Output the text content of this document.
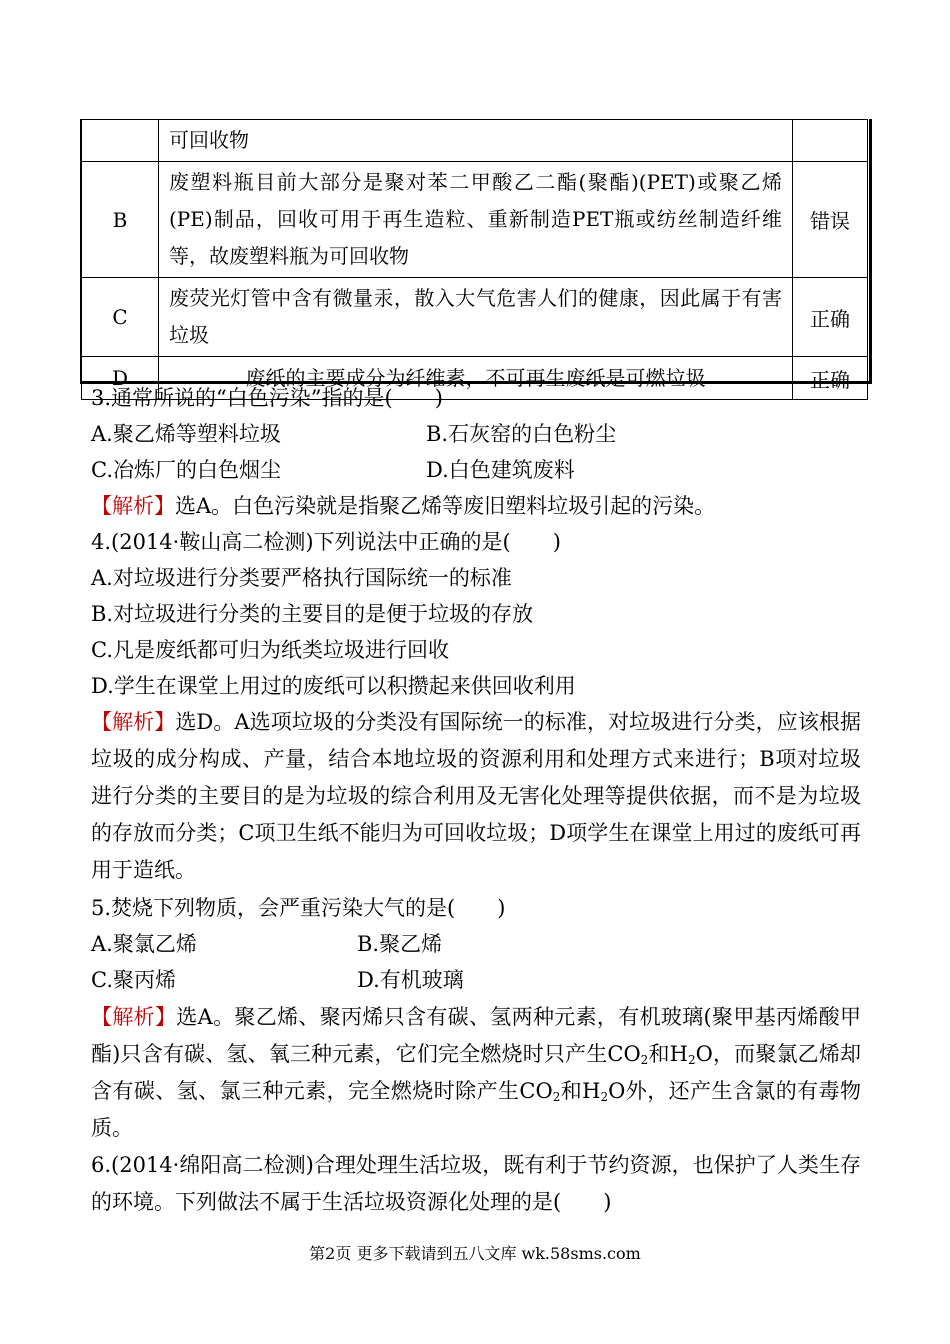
	可回收物	
B	废塑料瓶目前大部分是聚对苯二甲酸乙二酯(聚酯)(PET)或聚乙烯(PE)制品，回收可用于再生造粒、重新制造PET瓶或纺丝制造纤维等，故废塑料瓶为可回收物	错误
C	废荧光灯管中含有微量汞，散入大气危害人们的健康，因此属于有害垃圾	正确
D	废纸的主要成分为纤维素，不可再生废纸是可燃垃圾	正确
3.通常所说的“白色污染”指的是(　　)
A.聚乙烯等塑料垃圾	B.石灰窑的白色粉尘
C.冶炼厂的白色烟尘	D.白色建筑废料
【解析】选A。白色污染就是指聚乙烯等废旧塑料垃圾引起的污染。
4.(2014·鞍山高二检测)下列说法中正确的是(　　)
A.对垃圾进行分类要严格执行国际统一的标准
B.对垃圾进行分类的主要目的是便于垃圾的存放
C.凡是废纸都可归为纸类垃圾进行回收
D.学生在课堂上用过的废纸可以积攒起来供回收利用
【解析】选D。A选项垃圾的分类没有国际统一的标准，对垃圾进行分类，应该根据垃圾的成分构成、产量，结合本地垃圾的资源利用和处理方式来进行；B项对垃圾进行分类的主要目的是为垃圾的综合利用及无害化处理等提供依据，而不是为垃圾的存放而分类；C项卫生纸不能归为可回收垃圾；D项学生在课堂上用过的废纸可再用于造纸。
5.焚烧下列物质，会严重污染大气的是(　　)
A.聚氯乙烯	B.聚乙烯
C.聚丙烯	D.有机玻璃
【解析】选A。聚乙烯、聚丙烯只含有碳、氢两种元素，有机玻璃(聚甲基丙烯酸甲酯)只含有碳、氢、氧三种元素，它们完全燃烧时只产生$CO_2$和$H_2O$，而聚氯乙烯却含有碳、氢、氯三种元素，完全燃烧时除产生$CO_2$和$H_2O$外，还产生含氯的有毒物质。
6.(2014·绵阳高二检测)合理处理生活垃圾，既有利于节约资源，也保护了人类生存的环境。下列做法不属于生活垃圾资源化处理的是(　　)
第2页 更多下载请到五八文库 wk.58sms.com
